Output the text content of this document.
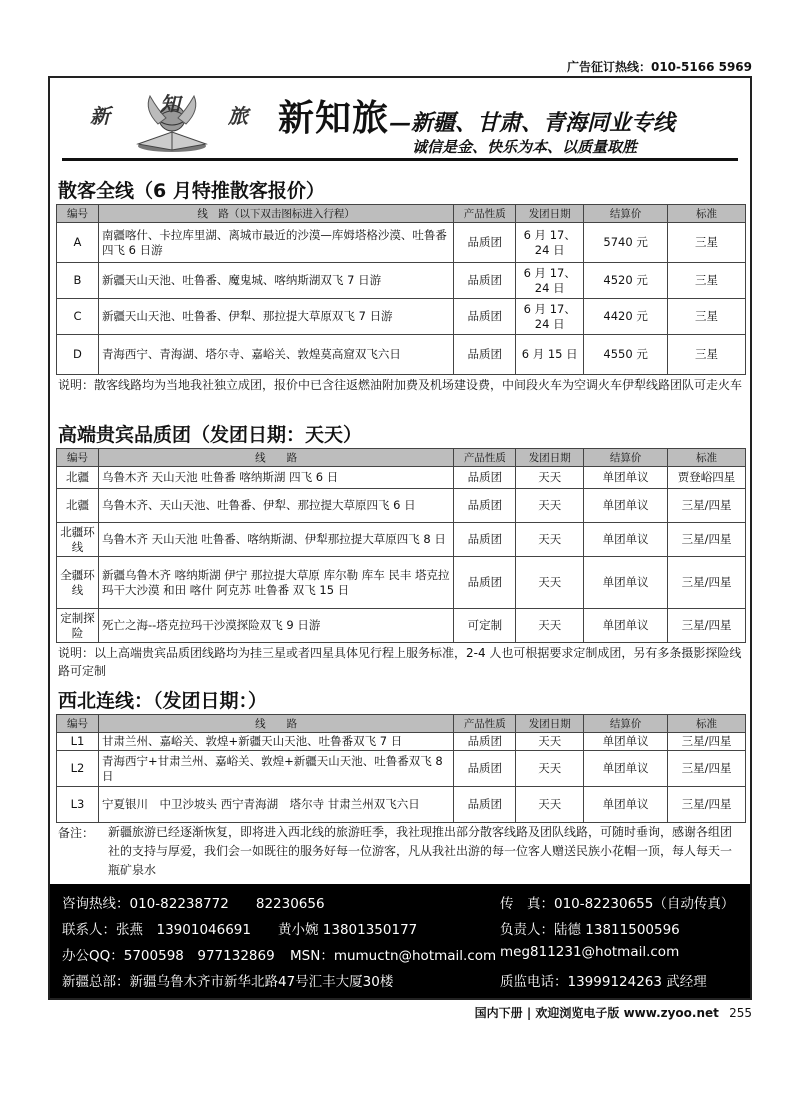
广告征订热线：010-5166 5969
新	知 旅 新知旅—新疆、甘肃、青海同业专线
诚信是金、快乐为本、以质量取胜
散客全线（6 月特推散客报价）
编号	线　路（以下双击图标进入行程）	产品性质	发团日期	结算价	标准
A	南疆喀什、卡拉库里湖、离城市最近的沙漠—库姆塔格沙漠、吐鲁番四飞 6 日游	品质团	6 月 17、24 日	5740 元	三星
B	新疆天山天池、吐鲁番、魔鬼城、喀纳斯湖双飞 7 日游	品质团	6 月 17、24 日	4520 元	三星
C	新疆天山天池、吐鲁番、伊犁、那拉提大草原双飞 7 日游	品质团	6 月 17、24 日	4420 元	三星
D	青海西宁、青海湖、塔尔寺、嘉峪关、敦煌莫高窟双飞六日	品质团	6 月 15 日	4550 元	三星
说明：散客线路均为当地我社独立成团，报价中已含往返燃油附加费及机场建设费，中间段火车为空调火车伊犁线路团队可走火车
高端贵宾品质团（发团日期：天天）
编号	线　　路	产品性质	发团日期	结算价	标准
北疆	乌鲁木齐 天山天池 吐鲁番 喀纳斯湖 四飞 6 日	品质团	天天	单团单议	贾登峪四星
北疆	乌鲁木齐、天山天池、吐鲁番、伊犁、那拉提大草原四飞 6 日	品质团	天天	单团单议	三星/四星
北疆环线	乌鲁木齐 天山天池 吐鲁番、喀纳斯湖、伊犁那拉提大草原四飞 8 日	品质团	天天	单团单议	三星/四星
全疆环线	新疆乌鲁木齐 喀纳斯湖 伊宁 那拉提大草原 库尔勒 库车 民丰 塔克拉玛干大沙漠 和田 喀什 阿克苏 吐鲁番 双飞 15 日	品质团	天天	单团单议	三星/四星
定制探险	死亡之海--塔克拉玛干沙漠探险双飞 9 日游	可定制	天天	单团单议	三星/四星
说明：以上高端贵宾品质团线路均为挂三星或者四星具体见行程上服务标准，2-4 人也可根据要求定制成团，另有多条摄影探险线路可定制
西北连线：（发团日期：）
编号	线　　路	产品性质	发团日期	结算价	标准
L1	甘肃兰州、嘉峪关、敦煌+新疆天山天池、吐鲁番双飞 7 日	品质团	天天	单团单议	三星/四星
L2	青海西宁+甘肃兰州、嘉峪关、敦煌+新疆天山天池、吐鲁番双飞 8 日	品质团	天天	单团单议	三星/四星
L3	宁夏银川　中卫沙坡头 西宁青海湖　塔尔寺 甘肃兰州双飞六日	品质团	天天	单团单议	三星/四星
备注： 新疆旅游已经逐渐恢复，即将进入西北线的旅游旺季，我社现推出部分散客线路及团队线路，可随时垂询，感谢各组团社的支持与厚爱，我们会一如既往的服务好每一位游客，凡从我社出游的每一位客人赠送民族小花帽一顶，每人每天一瓶矿泉水
咨询热线：010-82238772　　82230656	传　真：010-82230655（自动传真）
联系人：张燕　13901046691　　黄小婉 13801350177	负责人：陆德 13811500596
办公QQ：5700598　977132869 MSN：mumuctn@hotmail.com meg811231@hotmail.com
新疆总部：新疆乌鲁木齐市新华北路47号汇丰大厦30楼	质监电话：13999124263 武经理
国内下册 | 欢迎浏览电子版 www.zyoo.net 255
